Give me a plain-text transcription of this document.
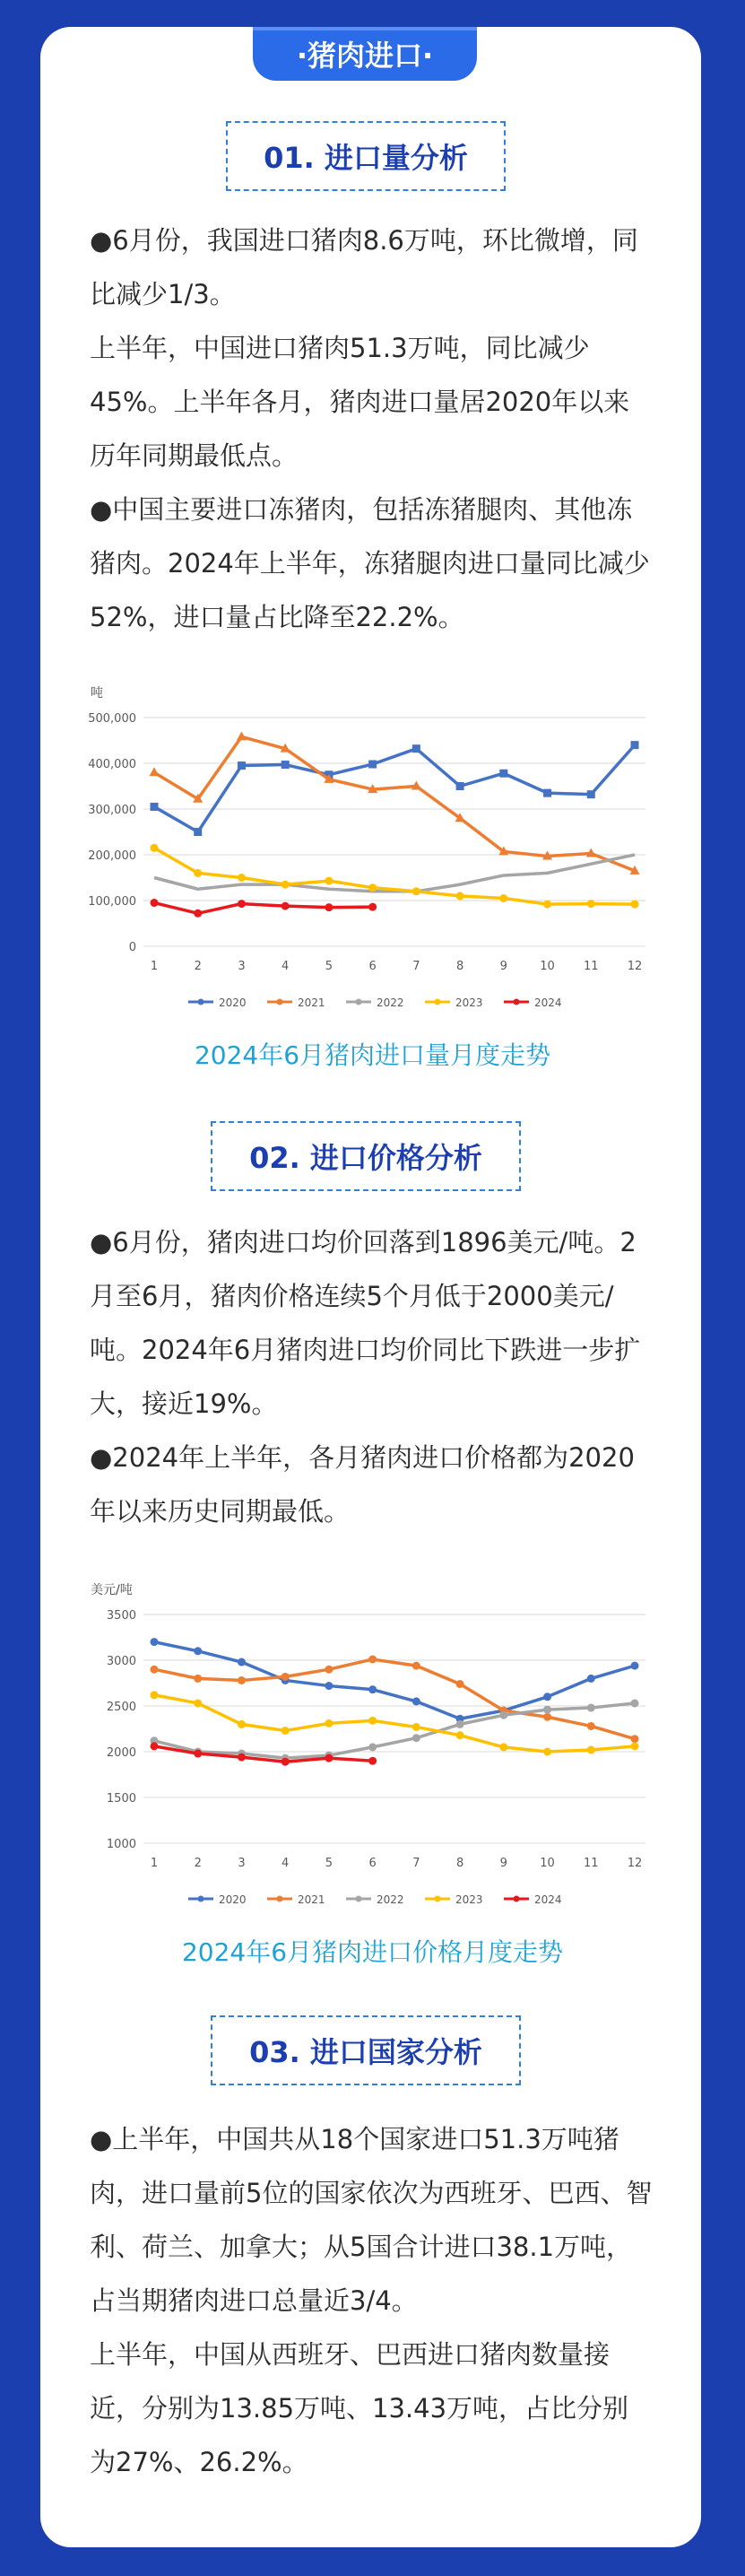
·猪肉进口·
01. 进口量分析

●6月份，我国进口猪肉8.6万吨，环比微增，同比减少1/3。

上半年，中国进口猪肉51.3万吨，同比减少45%。上半年各月，猪肉进口量居2020年以来历年同期最低点。

●中国主要进口冻猪肉，包括冻猪腿肉、其他冻猪肉。2024年上半年，冻猪腿肉进口量同比减少52%，进口量占比降至22.2%。

吨
0
100,000
200,000
300,000
400,000
500,000
1	2	3	4	5	6	7	8	9	10 11 12
2020	2021	2022	2023	2024
2024年6月猪肉进口量月度走势
02. 进口价格分析

●6月份，猪肉进口均价回落到1896美元/吨。2月至6月，猪肉价格连续5个月低于2000美元/吨。2024年6月猪肉进口均价同比下跌进一步扩大，接近19%。

●2024年上半年，各月猪肉进口价格都为2020年以来历史同期最低。

美元/吨
1000
1500
2000
2500
3000
3500
1	2	3	4	5	6	7	8	9	10 11 12
2020	2021	2022	2023	2024
2024年6月猪肉进口价格月度走势
03. 进口国家分析

●上半年，中国共从18个国家进口51.3万吨猪肉，进口量前5位的国家依次为西班牙、巴西、智利、荷兰、加拿大；从5国合计进口38.1万吨，占当期猪肉进口总量近3/4。

上半年，中国从西班牙、巴西进口猪肉数量接近，分别为13.85万吨、13.43万吨，占比分别为27%、26.2%。
